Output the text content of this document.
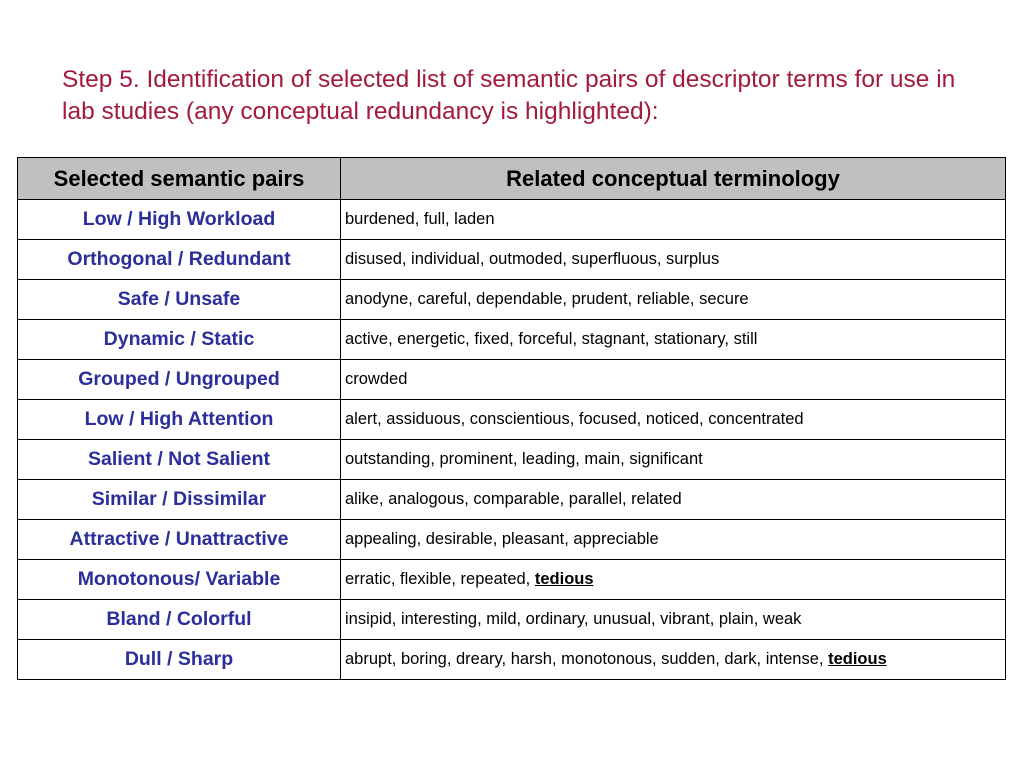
Step 5. Identification of selected list of semantic pairs of descriptor terms for use in lab studies (any conceptual redundancy is highlighted):
Selected semantic pairs	Related conceptual terminology
Low / High Workload	burdened, full, laden
Orthogonal / Redundant	disused, individual, outmoded, superfluous, surplus
Safe / Unsafe	anodyne, careful, dependable, prudent, reliable, secure
Dynamic / Static	active, energetic, fixed, forceful, stagnant, stationary, still
Grouped / Ungrouped	crowded
Low / High Attention	alert, assiduous, conscientious, focused, noticed, concentrated
Salient / Not Salient	outstanding, prominent, leading, main, significant
Similar / Dissimilar	alike, analogous, comparable, parallel, related
Attractive / Unattractive	appealing, desirable, pleasant, appreciable
Monotonous/ Variable	erratic, flexible, repeated, tedious
Bland / Colorful	insipid, interesting, mild, ordinary, unusual, vibrant, plain, weak
Dull / Sharp	abrupt, boring, dreary, harsh, monotonous, sudden, dark, intense, tedious
